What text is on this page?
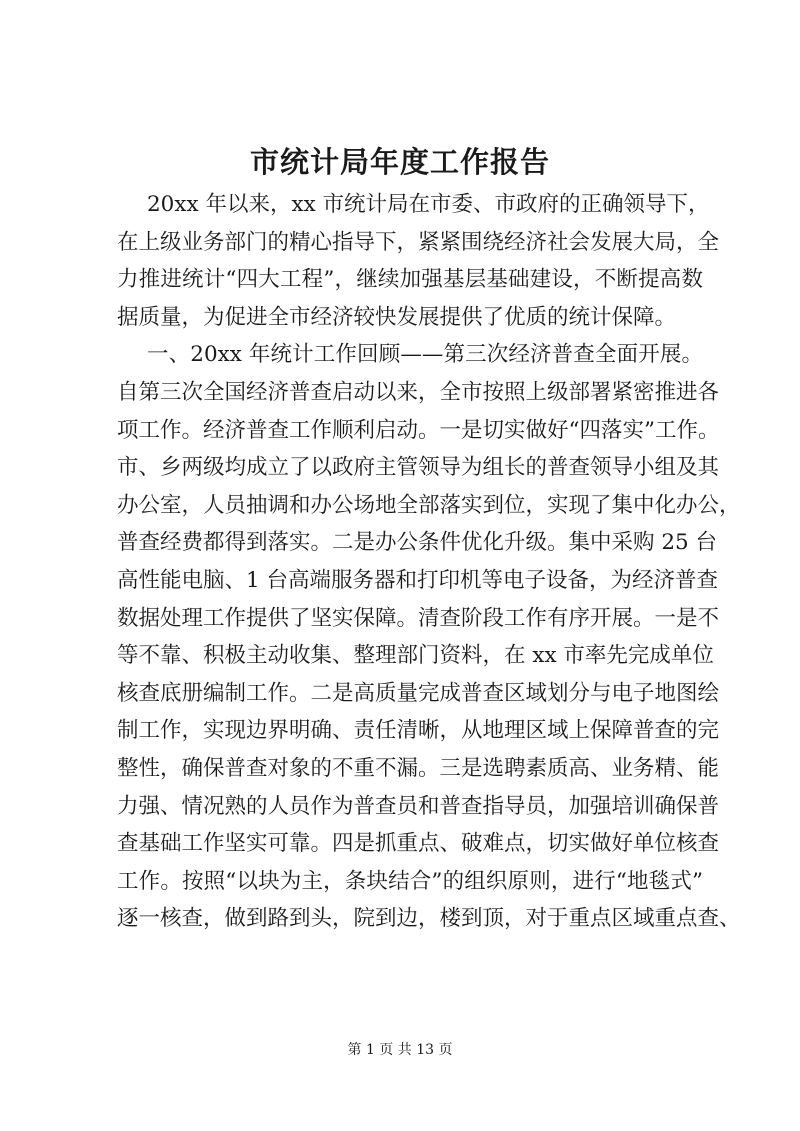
市统计局年度工作报告
20xx 年以来，xx 市统计局在市委、市政府的正确领导下，
在上级业务部门的精心指导下，紧紧围绕经济社会发展大局，全
力推进统计“四大工程”，继续加强基层基础建设，不断提高数
据质量，为促进全市经济较快发展提供了优质的统计保障。
一、20xx 年统计工作回顾——第三次经济普查全面开展。
自第三次全国经济普查启动以来，全市按照上级部署紧密推进各
项工作。经济普查工作顺利启动。一是切实做好“四落实”工作。
市、乡两级均成立了以政府主管领导为组长的普查领导小组及其
办公室，人员抽调和办公场地全部落实到位，实现了集中化办公，
普查经费都得到落实。二是办公条件优化升级。集中采购 25 台
高性能电脑、1 台高端服务器和打印机等电子设备，为经济普查
数据处理工作提供了坚实保障。清查阶段工作有序开展。一是不
等不靠、积极主动收集、整理部门资料，在 xx 市率先完成单位
核查底册编制工作。二是高质量完成普查区域划分与电子地图绘
制工作，实现边界明确、责任清晰，从地理区域上保障普查的完
整性，确保普查对象的不重不漏。三是选聘素质高、业务精、能
力强、情况熟的人员作为普查员和普查指导员，加强培训确保普
查基础工作坚实可靠。四是抓重点、破难点，切实做好单位核查
工作。按照“以块为主，条块结合”的组织原则，进行“地毯式”
逐一核查，做到路到头，院到边，楼到顶，对于重点区域重点查、
第 1 页 共 13 页
